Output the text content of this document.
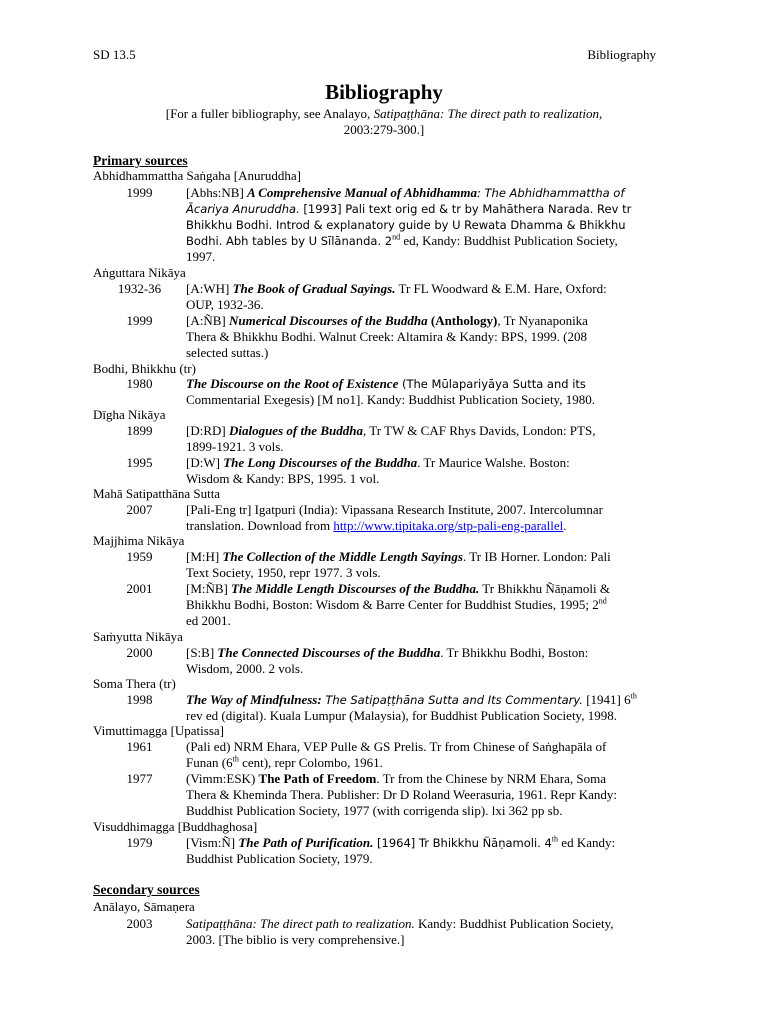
SD 13.5	Bibliography
Bibliography
[For a fuller bibliography, see Analayo, Satipaṭṭhāna: The direct path to realization,
2003:279-300.]
Primary sources
Abhidhammattha Saṅgaha [Anuruddha]
1999	[Abhs:NB] A Comprehensive Manual of Abhidhamma: The Abhidhammattha of
Ācariya Anuruddha. [1993] Pali text orig ed & tr by Mahāthera Narada. Rev tr
Bhikkhu Bodhi. Introd & explanatory guide by U Rewata Dhamma & Bhikkhu
Bodhi. Abh tables by U Sīlānanda. 2nd ed, Kandy: Buddhist Publication Society,
1997.
Aṅguttara Nikāya
1932-36	[A:WH] The Book of Gradual Sayings. Tr FL Woodward & E.M. Hare, Oxford:
OUP, 1932-36.
1999	[A:ÑB] Numerical Discourses of the Buddha (Anthology), Tr Nyanaponika
Thera & Bhikkhu Bodhi. Walnut Creek: Altamira & Kandy: BPS, 1999. (208
selected suttas.)
Bodhi, Bhikkhu (tr)
1980	The Discourse on the Root of Existence (The Mūlapariyāya Sutta and its
Commentarial Exegesis) [M no1]. Kandy: Buddhist Publication Society, 1980.
Dīgha Nikāya
1899	[D:RD] Dialogues of the Buddha, Tr TW & CAF Rhys Davids, London: PTS,
1899-1921. 3 vols.
1995	[D:W] The Long Discourses of the Buddha. Tr Maurice Walshe. Boston:
Wisdom & Kandy: BPS, 1995. 1 vol.
Mahā Satipatthāna Sutta
2007	[Pali-Eng tr] Igatpuri (India): Vipassana Research Institute, 2007. Intercolumnar
translation. Download from http://www.tipitaka.org/stp-pali-eng-parallel.
Majjhima Nikāya
1959	[M:H] The Collection of the Middle Length Sayings. Tr IB Horner. London: Pali
Text Society, 1950, repr 1977. 3 vols.
2001	[M:ÑB] The Middle Length Discourses of the Buddha. Tr Bhikkhu Ñāṇamoli &
Bhikkhu Bodhi, Boston: Wisdom & Barre Center for Buddhist Studies, 1995; 2nd
ed 2001.
Saṁyutta Nikāya
2000	[S:B] The Connected Discourses of the Buddha. Tr Bhikkhu Bodhi, Boston:
Wisdom, 2000. 2 vols.
Soma Thera (tr)
1998	The Way of Mindfulness: The Satipaṭṭhāna Sutta and Its Commentary. [1941] 6th
rev ed (digital). Kuala Lumpur (Malaysia), for Buddhist Publication Society, 1998.
Vimuttimagga [Upatissa]
1961	(Pali ed) NRM Ehara, VEP Pulle & GS Prelis. Tr from Chinese of Saṅghapāla of
Funan (6th cent), repr Colombo, 1961.
1977	(Vimm:ESK) The Path of Freedom. Tr from the Chinese by NRM Ehara, Soma
Thera & Kheminda Thera. Publisher: Dr D Roland Weerasuria, 1961. Repr Kandy:
Buddhist Publication Society, 1977 (with corrigenda slip). lxi 362 pp sb.
Visuddhimagga [Buddhaghosa]
1979	[Vism:Ñ] The Path of Purification. [1964] Tr Bhikkhu Ñāṇamoli. 4th ed Kandy:
Buddhist Publication Society, 1979.
Secondary sources
Anālayo, Sāmaṇera
2003	Satipaṭṭhāna: The direct path to realization. Kandy: Buddhist Publication Society,
2003. [The biblio is very comprehensive.]
